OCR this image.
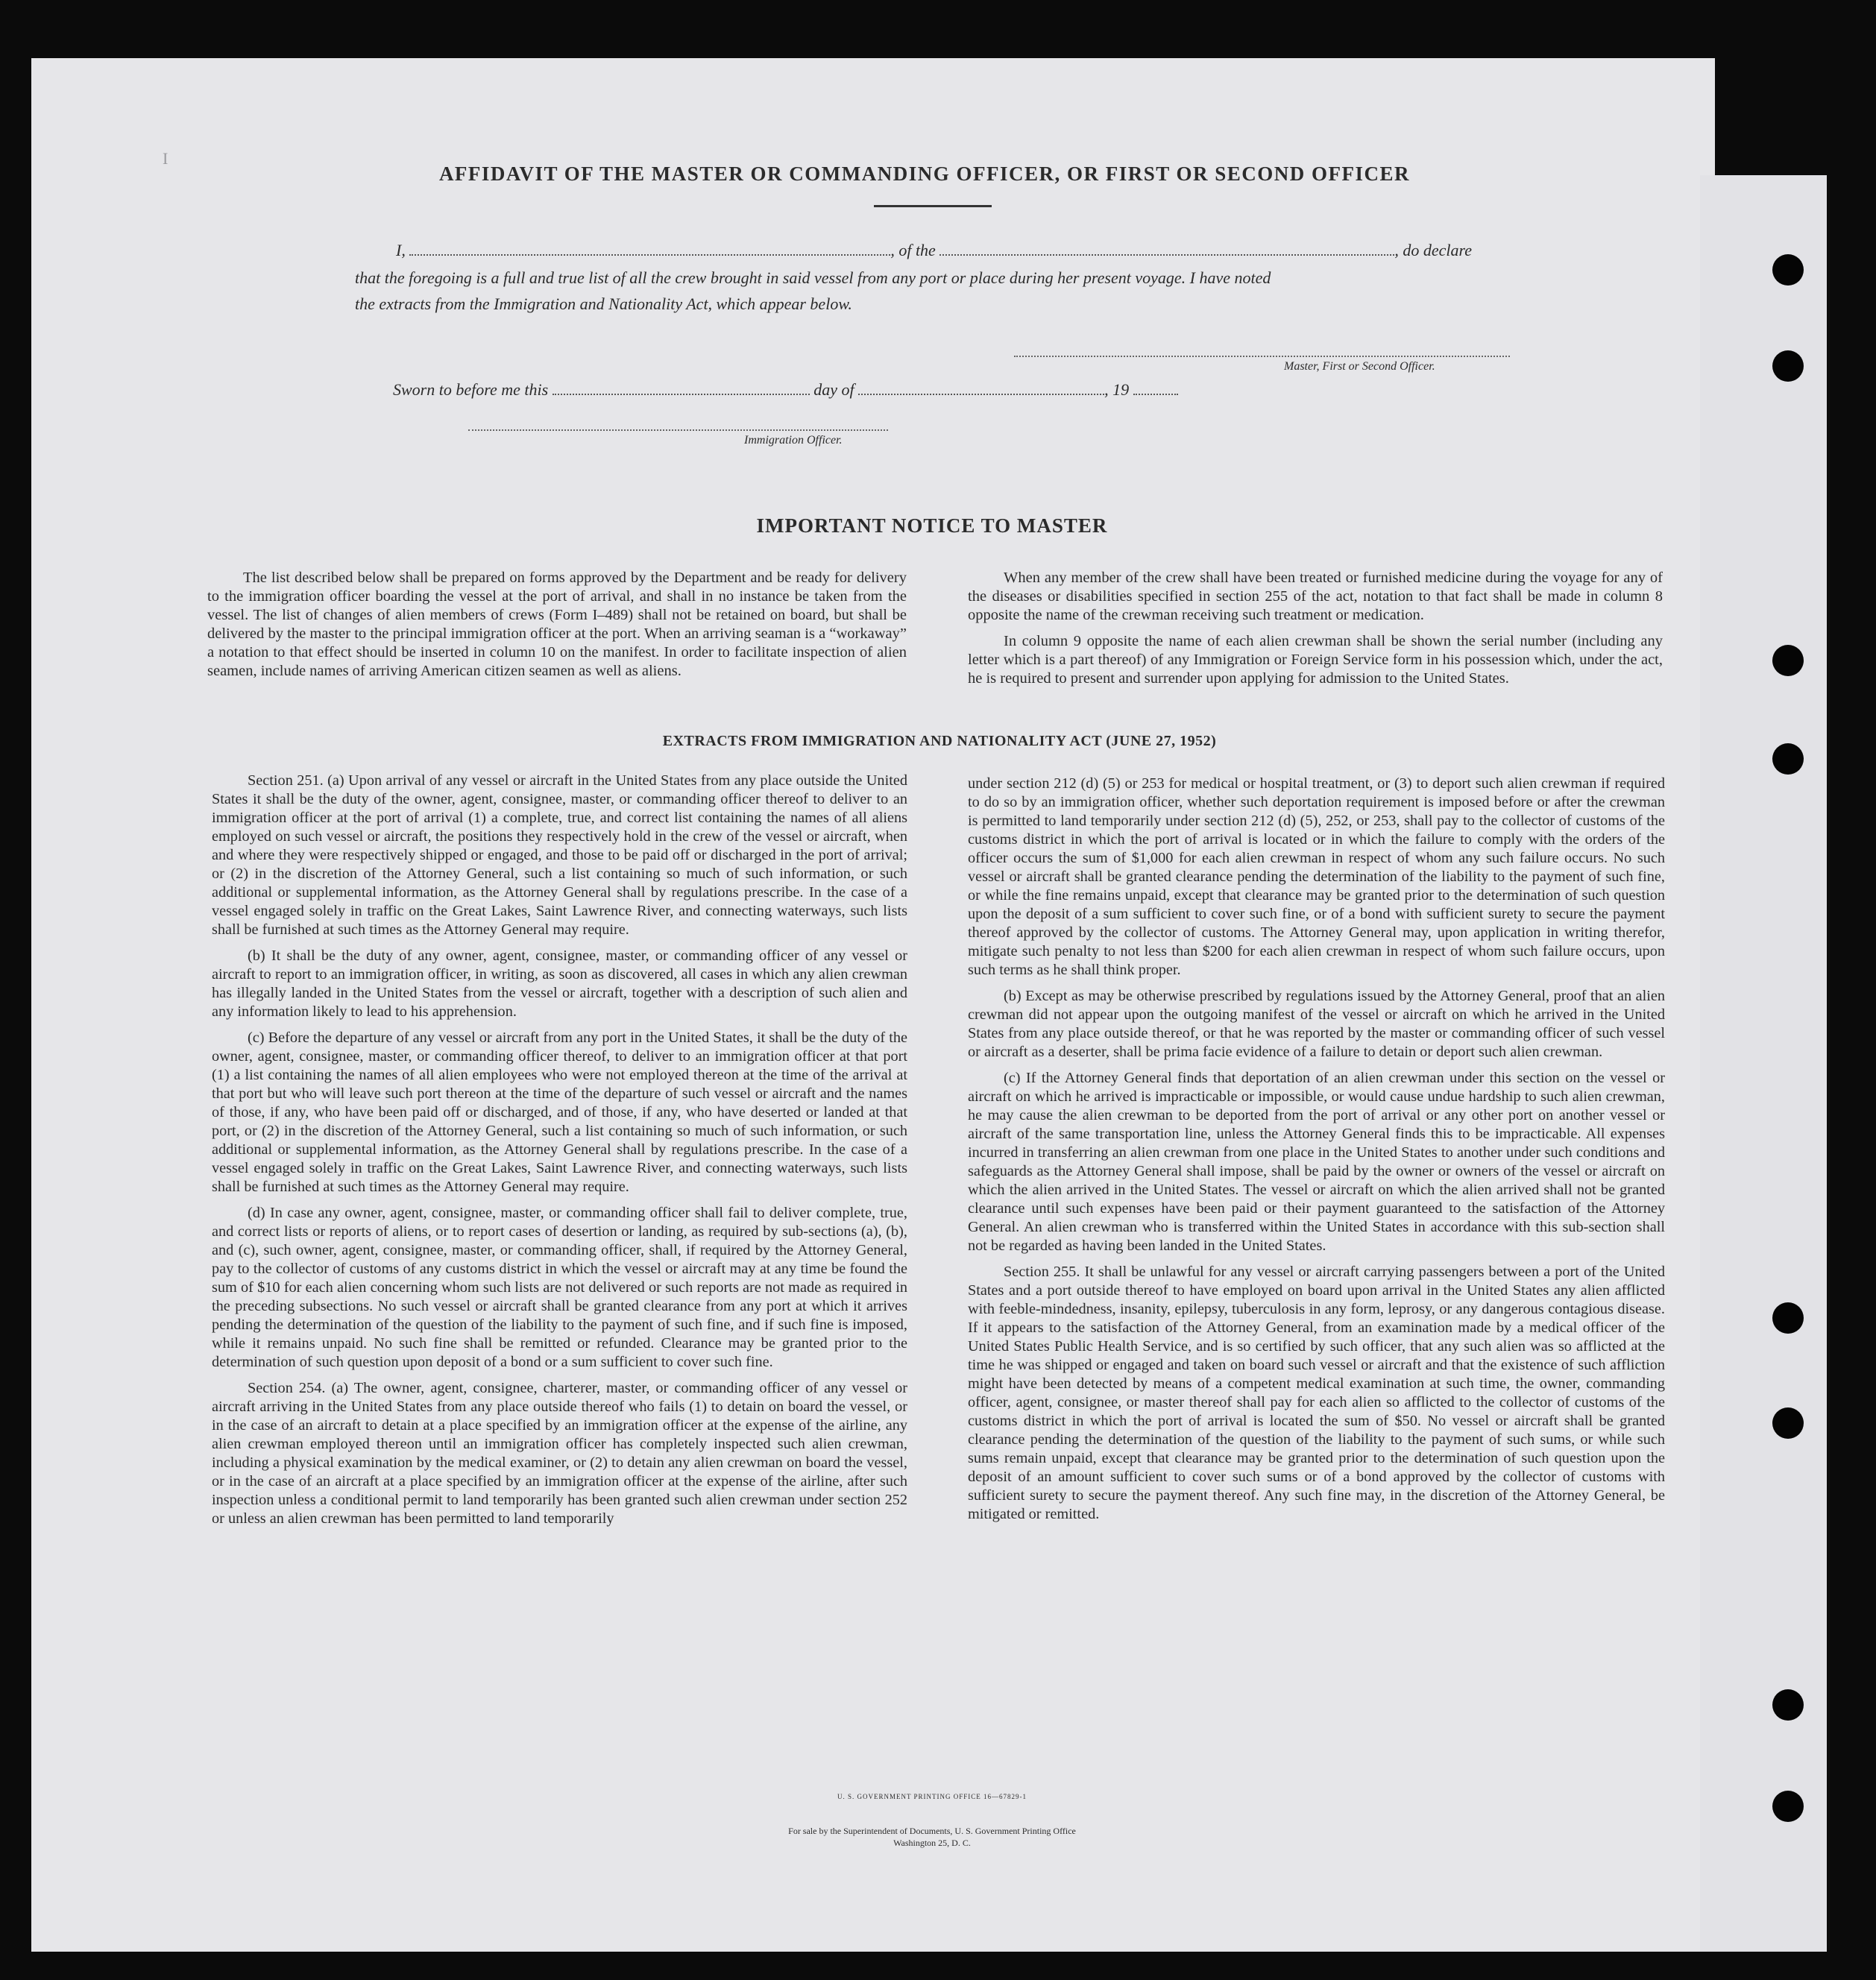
I
AFFIDAVIT OF THE MASTER OR COMMANDING OFFICER, OR FIRST OR SECOND OFFICER
I,	, of the	, do declare
that the foregoing is a full and true list of all the crew brought in said vessel from any port or place during her present voyage. I have noted
the extracts from the Immigration and Nationality Act, which appear below.
Master, First or Second Officer.
Sworn to before me this	day of	, 19
Immigration Officer.
IMPORTANT NOTICE TO MASTER

The list described below shall be prepared on forms approved by the Department and be ready for delivery to the immigration officer boarding the vessel at the port of arrival, and shall in no instance be taken from the vessel. The list of changes of alien members of crews (Form I–489) shall not be retained on board, but shall be delivered by the master to the principal immigration officer at the port. When an arriving seaman is a “workaway” a notation to that effect should be inserted in column 10 on the manifest. In order to facilitate inspection of alien seamen, include names of arriving American citizen seamen as well as aliens.

When any member of the crew shall have been treated or furnished medicine during the voyage for any of the diseases or disabilities specified in section 255 of the act, notation to that fact shall be made in column 8 opposite the name of the crewman receiving such treatment or medication.

In column 9 opposite the name of each alien crewman shall be shown the serial number (including any letter which is a part thereof) of any Immigration or Foreign Service form in his possession which, under the act, he is required to present and surrender upon applying for admission to the United States.

EXTRACTS FROM IMMIGRATION AND NATIONALITY ACT (JUNE 27, 1952)

Section 251. (a) Upon arrival of any vessel or aircraft in the United States from any place outside the United States it shall be the duty of the owner, agent, consignee, master, or commanding officer thereof to deliver to an immigration officer at the port of arrival (1) a complete, true, and correct list containing the names of all aliens employed on such vessel or aircraft, the positions they respectively hold in the crew of the vessel or aircraft, when and where they were respectively shipped or engaged, and those to be paid off or discharged in the port of arrival; or (2) in the discretion of the Attorney General, such a list containing so much of such information, or such additional or supplemental information, as the Attorney General shall by regulations prescribe. In the case of a vessel engaged solely in traffic on the Great Lakes, Saint Lawrence River, and connecting waterways, such lists shall be furnished at such times as the Attorney General may require.

(b) It shall be the duty of any owner, agent, consignee, master, or commanding officer of any vessel or aircraft to report to an immigration officer, in writing, as soon as discovered, all cases in which any alien crewman has illegally landed in the United States from the vessel or aircraft, together with a description of such alien and any information likely to lead to his apprehension.

(c) Before the departure of any vessel or aircraft from any port in the United States, it shall be the duty of the owner, agent, consignee, master, or commanding officer thereof, to deliver to an immigration officer at that port (1) a list containing the names of all alien employees who were not employed thereon at the time of the arrival at that port but who will leave such port thereon at the time of the departure of such vessel or aircraft and the names of those, if any, who have been paid off or discharged, and of those, if any, who have deserted or landed at that port, or (2) in the discretion of the Attorney General, such a list containing so much of such information, or such additional or supplemental information, as the Attorney General shall by regulations prescribe. In the case of a vessel engaged solely in traffic on the Great Lakes, Saint Lawrence River, and connecting waterways, such lists shall be furnished at such times as the Attorney General may require.

(d) In case any owner, agent, consignee, master, or commanding officer shall fail to deliver complete, true, and correct lists or reports of aliens, or to report cases of desertion or landing, as required by sub-sections (a), (b), and (c), such owner, agent, consignee, master, or commanding officer, shall, if required by the Attorney General, pay to the collector of customs of any customs district in which the vessel or aircraft may at any time be found the sum of $10 for each alien concerning whom such lists are not delivered or such reports are not made as required in the preceding subsections. No such vessel or aircraft shall be granted clearance from any port at which it arrives pending the determination of the question of the liability to the payment of such fine, and if such fine is imposed, while it remains unpaid. No such fine shall be remitted or refunded. Clearance may be granted prior to the determination of such question upon deposit of a bond or a sum sufficient to cover such fine.

Section 254. (a) The owner, agent, consignee, charterer, master, or commanding officer of any vessel or aircraft arriving in the United States from any place outside thereof who fails (1) to detain on board the vessel, or in the case of an aircraft to detain at a place specified by an immigration officer at the expense of the airline, any alien crewman employed thereon until an immigration officer has completely inspected such alien crewman, including a physical examination by the medical examiner, or (2) to detain any alien crewman on board the vessel, or in the case of an aircraft at a place specified by an immigration officer at the expense of the airline, after such inspection unless a conditional permit to land temporarily has been granted such alien crewman under section 252 or unless an alien crewman has been permitted to land temporarily

under section 212 (d) (5) or 253 for medical or hospital treatment, or (3) to deport such alien crewman if required to do so by an immigration officer, whether such deportation requirement is imposed before or after the crewman is permitted to land temporarily under section 212 (d) (5), 252, or 253, shall pay to the collector of customs of the customs district in which the port of arrival is located or in which the failure to comply with the orders of the officer occurs the sum of $1,000 for each alien crewman in respect of whom any such failure occurs. No such vessel or aircraft shall be granted clearance pending the determination of the liability to the payment of such fine, or while the fine remains unpaid, except that clearance may be granted prior to the determination of such question upon the deposit of a sum sufficient to cover such fine, or of a bond with sufficient surety to secure the payment thereof approved by the collector of customs. The Attorney General may, upon application in writing therefor, mitigate such penalty to not less than $200 for each alien crewman in respect of whom such failure occurs, upon such terms as he shall think proper.

(b) Except as may be otherwise prescribed by regulations issued by the Attorney General, proof that an alien crewman did not appear upon the outgoing manifest of the vessel or aircraft on which he arrived in the United States from any place outside thereof, or that he was reported by the master or commanding officer of such vessel or aircraft as a deserter, shall be prima facie evidence of a failure to detain or deport such alien crewman.

(c) If the Attorney General finds that deportation of an alien crewman under this section on the vessel or aircraft on which he arrived is impracticable or impossible, or would cause undue hardship to such alien crewman, he may cause the alien crewman to be deported from the port of arrival or any other port on another vessel or aircraft of the same transportation line, unless the Attorney General finds this to be impracticable. All expenses incurred in transferring an alien crewman from one place in the United States to another under such conditions and safeguards as the Attorney General shall impose, shall be paid by the owner or owners of the vessel or aircraft on which the alien arrived in the United States. The vessel or aircraft on which the alien arrived shall not be granted clearance until such expenses have been paid or their payment guaranteed to the satisfaction of the Attorney General. An alien crewman who is transferred within the United States in accordance with this sub-section shall not be regarded as having been landed in the United States.

Section 255. It shall be unlawful for any vessel or aircraft carrying passengers between a port of the United States and a port outside thereof to have employed on board upon arrival in the United States any alien afflicted with feeble-mindedness, insanity, epilepsy, tuberculosis in any form, leprosy, or any dangerous contagious disease. If it appears to the satisfaction of the Attorney General, from an examination made by a medical officer of the United States Public Health Service, and is so certified by such officer, that any such alien was so afflicted at the time he was shipped or engaged and taken on board such vessel or aircraft and that the existence of such affliction might have been detected by means of a competent medical examination at such time, the owner, commanding officer, agent, consignee, or master thereof shall pay for each alien so afflicted to the collector of customs of the customs district in which the port of arrival is located the sum of $50. No vessel or aircraft shall be granted clearance pending the determination of the question of the liability to the payment of such sums, or while such sums remain unpaid, except that clearance may be granted prior to the determination of such question upon the deposit of an amount sufficient to cover such sums or of a bond approved by the collector of customs with sufficient surety to secure the payment thereof. Any such fine may, in the discretion of the Attorney General, be mitigated or remitted.

U. S. GOVERNMENT PRINTING OFFICE 16—67829-1
For sale by the Superintendent of Documents, U. S. Government Printing Office
Washington 25, D. C.
